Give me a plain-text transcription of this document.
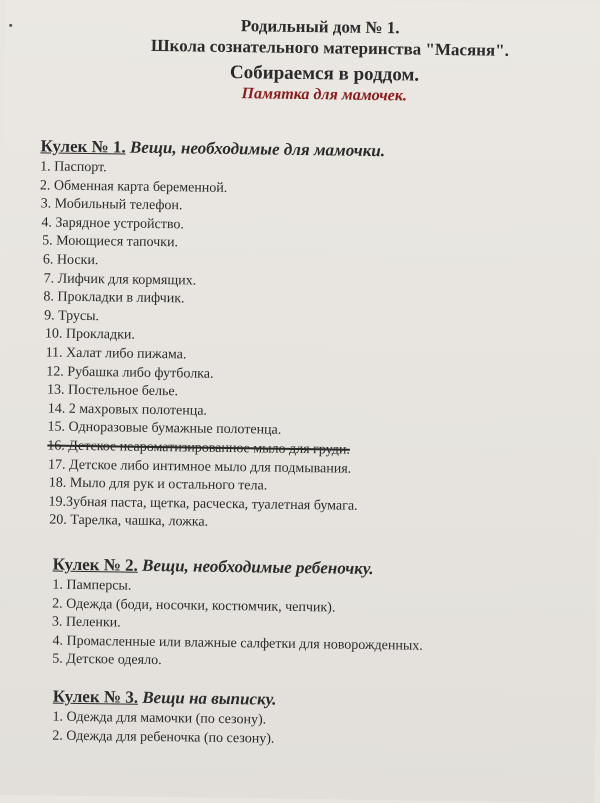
Родильный дом № 1.

Школа сознательного материнства "Масяня".

Собираемся в роддом.

Памятка для мамочек.

Кулек № 1. Вещи, необходимые для мамочки.

1. Паспорт.
2. Обменная карта беременной.
3. Мобильный телефон.
4. Зарядное устройство.
5. Моющиеся тапочки.
6. Носки.
7. Лифчик для кормящих.
8. Прокладки в лифчик.
9. Трусы.
10. Прокладки.
11. Халат либо пижама.
12. Рубашка либо футболка.
13. Постельное белье.
14. 2 махровых полотенца.
15. Одноразовые бумажные полотенца.
16. Детское неароматизированное мыло для груди.
17. Детское либо интимное мыло для подмывания.
18. Мыло для рук и остального тела.
19.Зубная паста, щетка, расческа, туалетная бумага.
20. Тарелка, чашка, ложка.

Кулек № 2. Вещи, необходимые ребеночку.

1. Памперсы.
2. Одежда (боди, носочки, костюмчик, чепчик).
3. Пеленки.
4. Промасленные или влажные салфетки для новорожденных.
5. Детское одеяло.

Кулек № 3. Вещи на выписку.

1. Одежда для мамочки (по сезону).
2. Одежда для ребеночка (по сезону).
